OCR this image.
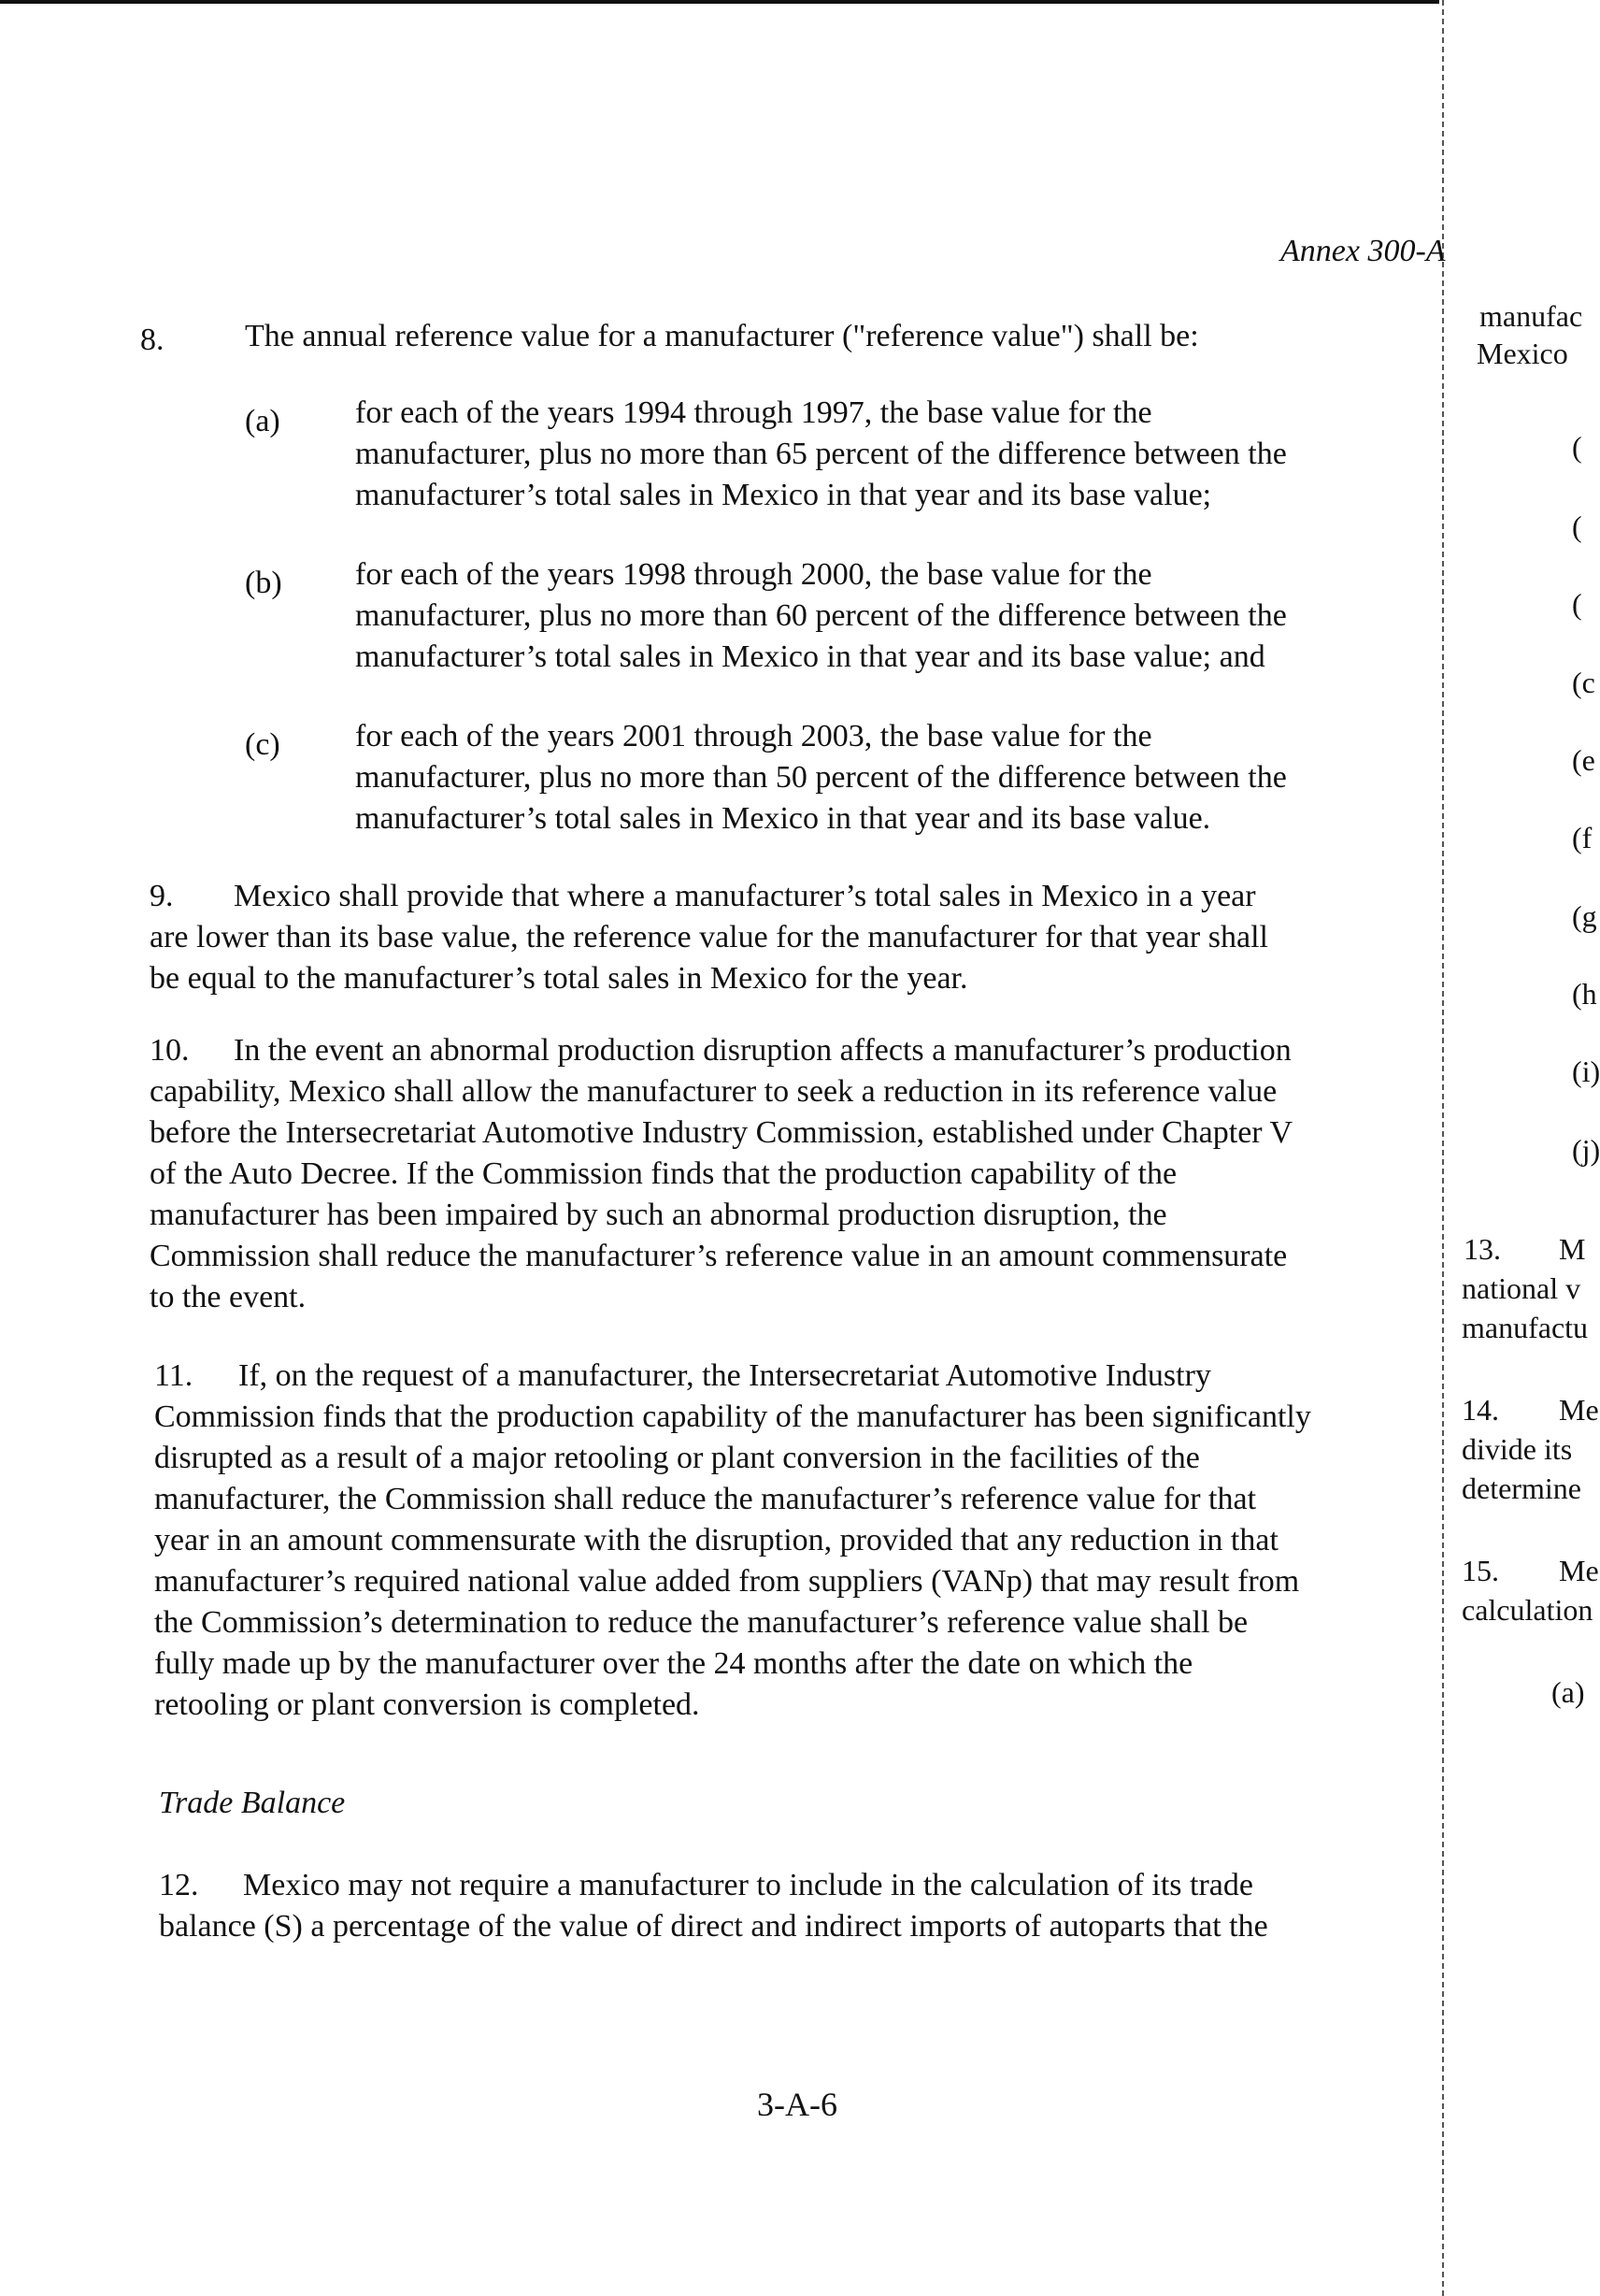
Annex 300-A
8.	The annual reference value for a manufacturer ("reference value") shall be:
(a) for each of the years 1994 through 1997, the base value for the
manufacturer, plus no more than 65 percent of the difference between the
manufacturer’s total sales in Mexico in that year and its base value;
(b) for each of the years 1998 through 2000, the base value for the
manufacturer, plus no more than 60 percent of the difference between the
manufacturer’s total sales in Mexico in that year and its base value; and
(c) for each of the years 2001 through 2003, the base value for the
manufacturer, plus no more than 50 percent of the difference between the
manufacturer’s total sales in Mexico in that year and its base value.
9. Mexico shall provide that where a manufacturer’s total sales in Mexico in a year
are lower than its base value, the reference value for the manufacturer for that year shall
be equal to the manufacturer’s total sales in Mexico for the year.
10. In the event an abnormal production disruption affects a manufacturer’s production
capability, Mexico shall allow the manufacturer to seek a reduction in its reference value
before the Intersecretariat Automotive Industry Commission, established under Chapter V
of the Auto Decree. If the Commission finds that the production capability of the
manufacturer has been impaired by such an abnormal production disruption, the
Commission shall reduce the manufacturer’s reference value in an amount commensurate
to the event.
11. If, on the request of a manufacturer, the Intersecretariat Automotive Industry
Commission finds that the production capability of the manufacturer has been significantly
disrupted as a result of a major retooling or plant conversion in the facilities of the
manufacturer, the Commission shall reduce the manufacturer’s reference value for that
year in an amount commensurate with the disruption, provided that any reduction in that
manufacturer’s required national value added from suppliers (VANp) that may result from
the Commission’s determination to reduce the manufacturer’s reference value shall be
fully made up by the manufacturer over the 24 months after the date on which the
retooling or plant conversion is completed.
Trade Balance
12. Mexico may not require a manufacturer to include in the calculation of its trade
balance (S) a percentage of the value of direct and indirect imports of autoparts that the
3-A-6
manufac
Mexico
(
(
(
(c
(e
(f
(g
(h
(i)
(j)
13. M
national v
manufactu
14. Me
divide its
determine
15. Me
calculation
(a)
